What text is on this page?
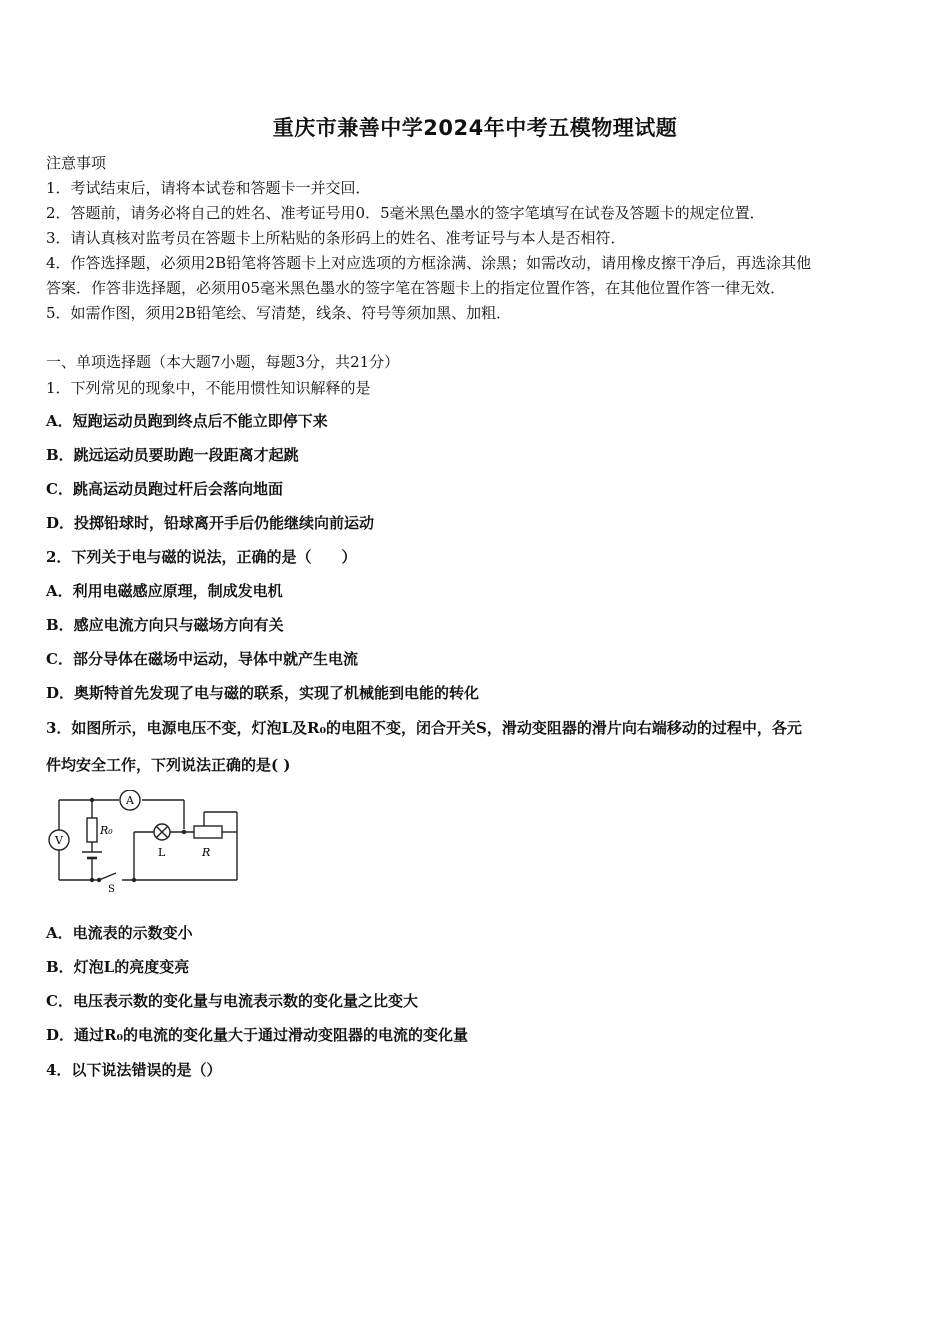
重庆市兼善中学2024年中考五模物理试题
注意事项
1．考试结束后，请将本试卷和答题卡一并交回．
2．答题前，请务必将自己的姓名、准考证号用0．5毫米黑色墨水的签字笔填写在试卷及答题卡的规定位置．
3．请认真核对监考员在答题卡上所粘贴的条形码上的姓名、准考证号与本人是否相符．
4．作答选择题，必须用2B铅笔将答题卡上对应选项的方框涂满、涂黑；如需改动，请用橡皮擦干净后，再选涂其他
答案．作答非选择题，必须用05毫米黑色墨水的签字笔在答题卡上的指定位置作答，在其他位置作答一律无效．
5．如需作图，须用2B铅笔绘、写清楚，线条、符号等须加黑、加粗．
一、单项选择题（本大题7小题，每题3分，共21分）
1．下列常见的现象中，不能用惯性知识解释的是
A．短跑运动员跑到终点后不能立即停下来
B．跳远运动员要助跑一段距离才起跳
C．跳高运动员跑过杆后会落向地面
D．投掷铅球时，铅球离开手后仍能继续向前运动
2．下列关于电与磁的说法，正确的是（　　）
A．利用电磁感应原理，制成发电机
B．感应电流方向只与磁场方向有关
C．部分导体在磁场中运动，导体中就产生电流
D．奥斯特首先发现了电与磁的联系，实现了机械能到电能的转化
3．如图所示，电源电压不变，灯泡L及R₀的电阻不变，闭合开关S，滑动变阻器的滑片向右端移动的过程中，各元
件均安全工作，下列说法正确的是( )
A
V
R₀
L	R
S
A．电流表的示数变小
B．灯泡L的亮度变亮
C．电压表示数的变化量与电流表示数的变化量之比变大
D．通过R₀的电流的变化量大于通过滑动变阻器的电流的变化量
4．以下说法错误的是（）
